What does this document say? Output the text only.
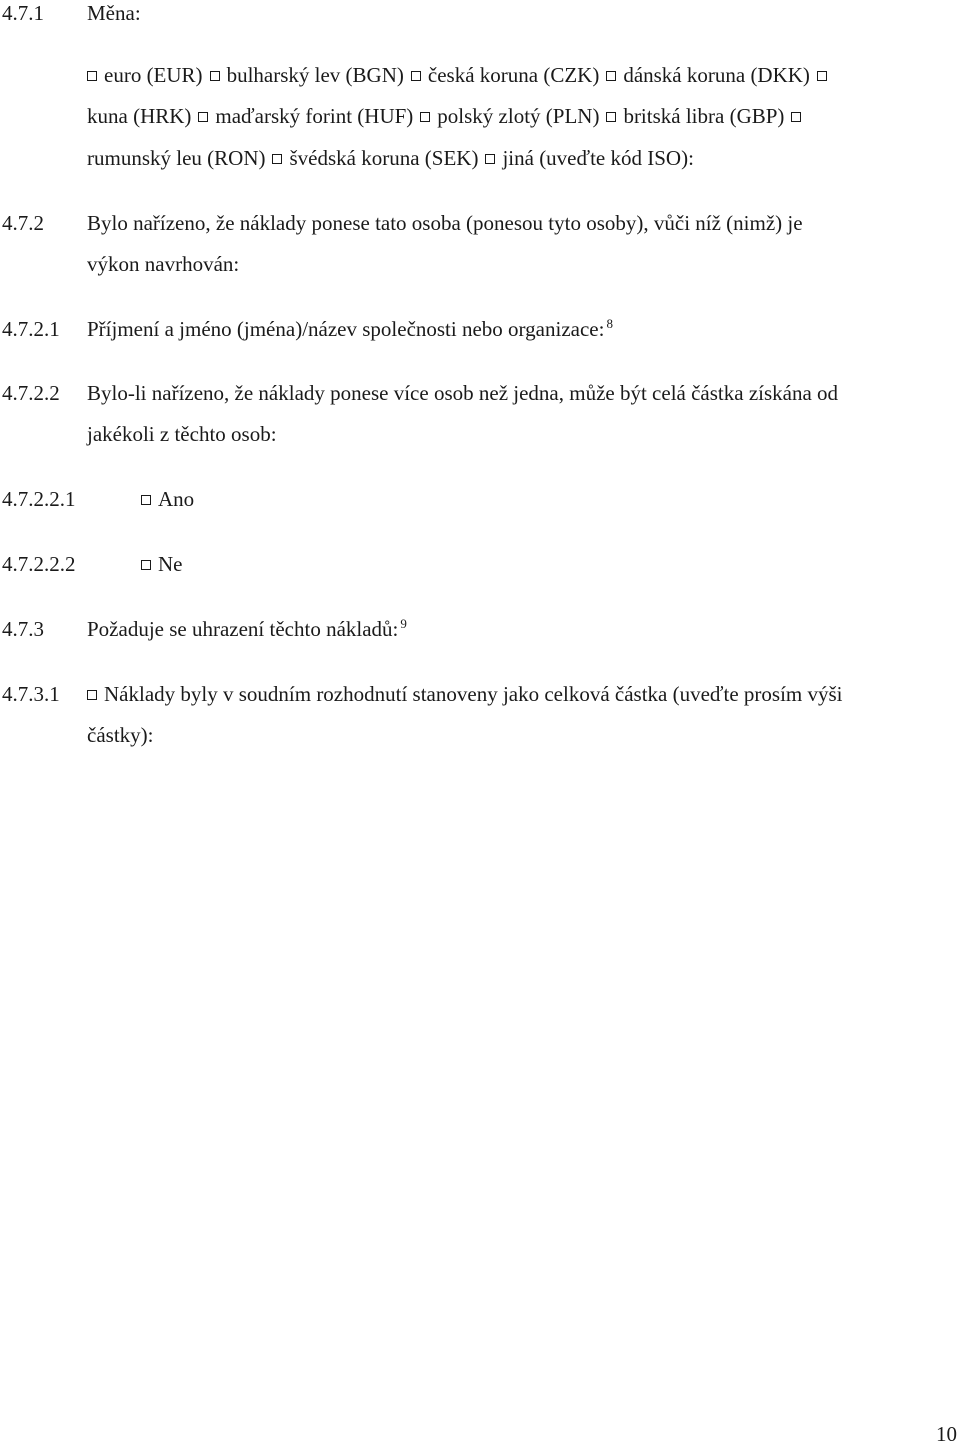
4.7.1 Měna:
euro (EUR) bulharský lev (BGN) česká koruna (CZK) dánská koruna (DKK)
kuna (HRK) maďarský forint (HUF) polský zlotý (PLN) britská libra (GBP)
rumunský leu (RON) švédská koruna (SEK) jiná (uveďte kód ISO):
4.7.2 Bylo nařízeno, že náklady ponese tato osoba (ponesou tyto osoby), vůči níž (nimž) je
výkon navrhován:
4.7.2.1 Příjmení a jméno (jména)/název společnosti nebo organizace: $^8$
4.7.2.2 Bylo-li nařízeno, že náklady ponese více osob než jedna, může být celá částka získána od
jakékoli z těchto osob:
4.7.2.2.1	Ano
4.7.2.2.2	Ne
4.7.3 Požaduje se uhrazení těchto nákladů: $^9$
4.7.3.1	Náklady byly v soudním rozhodnutí stanoveny jako celková částka (uveďte prosím výši
částky):
10
